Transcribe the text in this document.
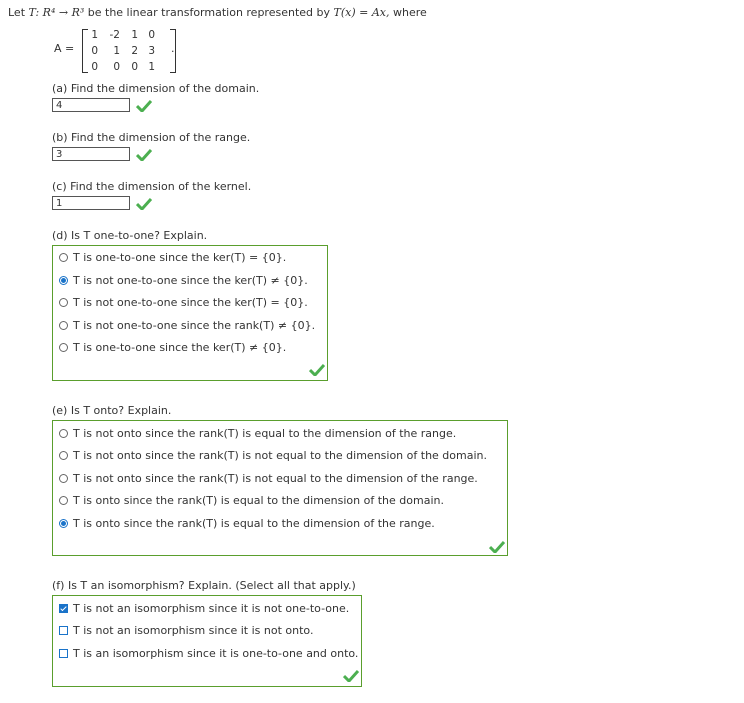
Let T: R⁴ → R³ be the linear transformation represented by T(x) = Ax, where
A =	.
1	-2	1 0
0	1	2 3
0	0	0 1
(a) Find the dimension of the domain.
4
(b) Find the dimension of the range.
3
(c) Find the dimension of the kernel.
1
(d) Is T one-to-one? Explain.
T is one-to-one since the ker(T) = {0}.
T is not one-to-one since the ker(T) ≠ {0}.
T is not one-to-one since the ker(T) = {0}.
T is not one-to-one since the rank(T) ≠ {0}.
T is one-to-one since the ker(T) ≠ {0}.
(e) Is T onto? Explain.
T is not onto since the rank(T) is equal to the dimension of the range.
T is not onto since the rank(T) is not equal to the dimension of the domain.
T is not onto since the rank(T) is not equal to the dimension of the range.
T is onto since the rank(T) is equal to the dimension of the domain.
T is onto since the rank(T) is equal to the dimension of the range.
(f) Is T an isomorphism? Explain. (Select all that apply.)
T is not an isomorphism since it is not one-to-one.
T is not an isomorphism since it is not onto.
T is an isomorphism since it is one-to-one and onto.
